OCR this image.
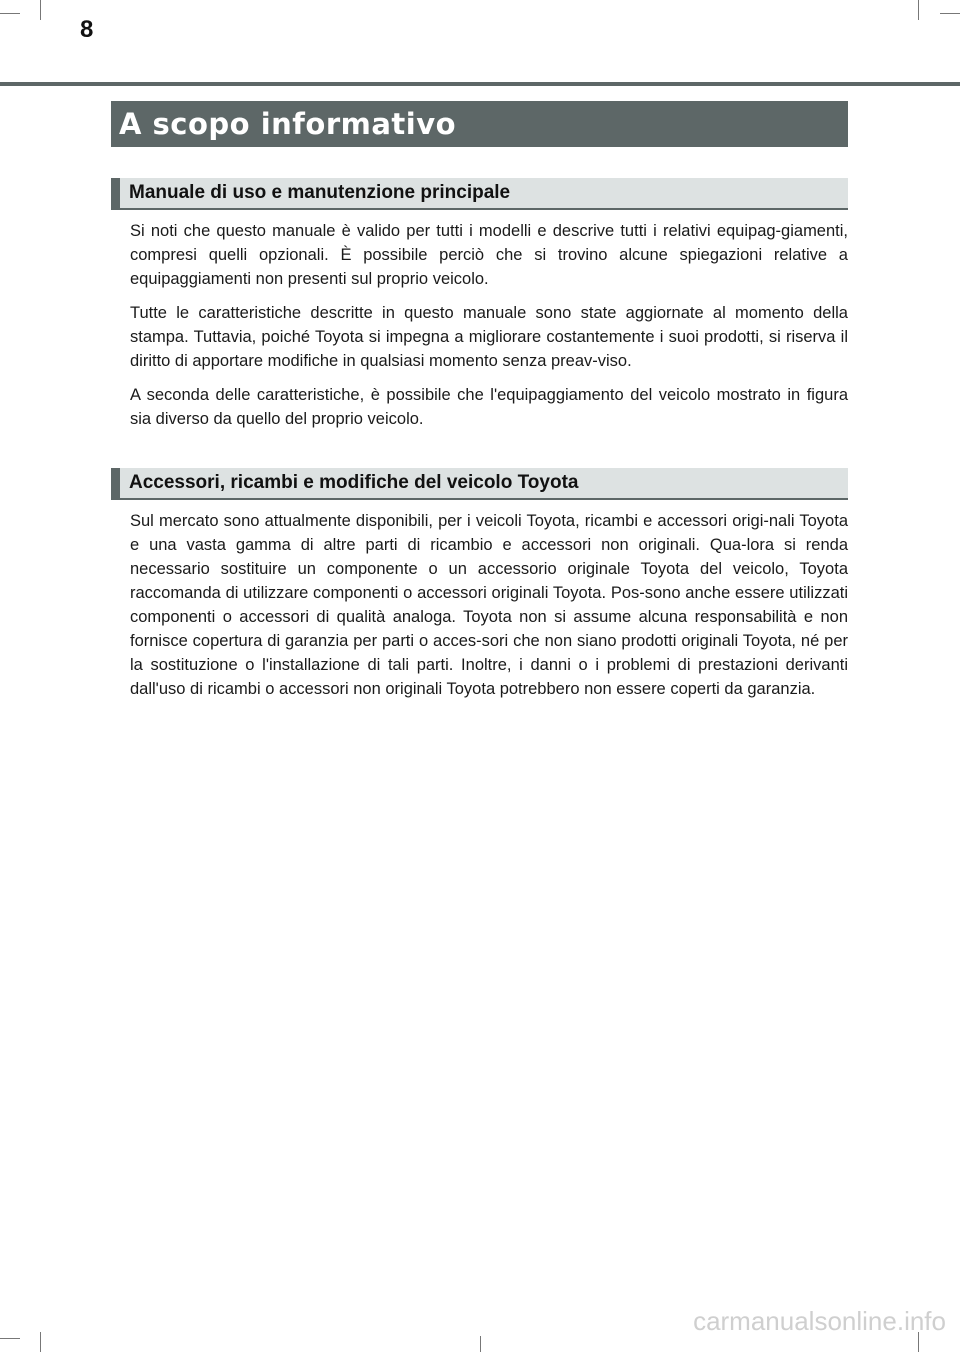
8
A scopo informativo
Manuale di uso e manutenzione principale

Si noti che questo manuale è valido per tutti i modelli e descrive tutti i relativi equipag-giamenti, compresi quelli opzionali. È possibile perciò che si trovino alcune spiegazioni relative a equipaggiamenti non presenti sul proprio veicolo.

Tutte le caratteristiche descritte in questo manuale sono state aggiornate al momento della stampa. Tuttavia, poiché Toyota si impegna a migliorare costantemente i suoi prodotti, si riserva il diritto di apportare modifiche in qualsiasi momento senza preav-viso.

A seconda delle caratteristiche, è possibile che l'equipaggiamento del veicolo mostrato in figura sia diverso da quello del proprio veicolo.

Accessori, ricambi e modifiche del veicolo Toyota

Sul mercato sono attualmente disponibili, per i veicoli Toyota, ricambi e accessori origi-nali Toyota e una vasta gamma di altre parti di ricambio e accessori non originali. Qua-lora si renda necessario sostituire un componente o un accessorio originale Toyota del veicolo, Toyota raccomanda di utilizzare componenti o accessori originali Toyota. Pos-sono anche essere utilizzati componenti o accessori di qualità analoga. Toyota non si assume alcuna responsabilità e non fornisce copertura di garanzia per parti o acces-sori che non siano prodotti originali Toyota, né per la sostituzione o l'installazione di tali parti. Inoltre, i danni o i problemi di prestazioni derivanti dall'uso di ricambi o accessori non originali Toyota potrebbero non essere coperti da garanzia.

carmanualsonline.info
